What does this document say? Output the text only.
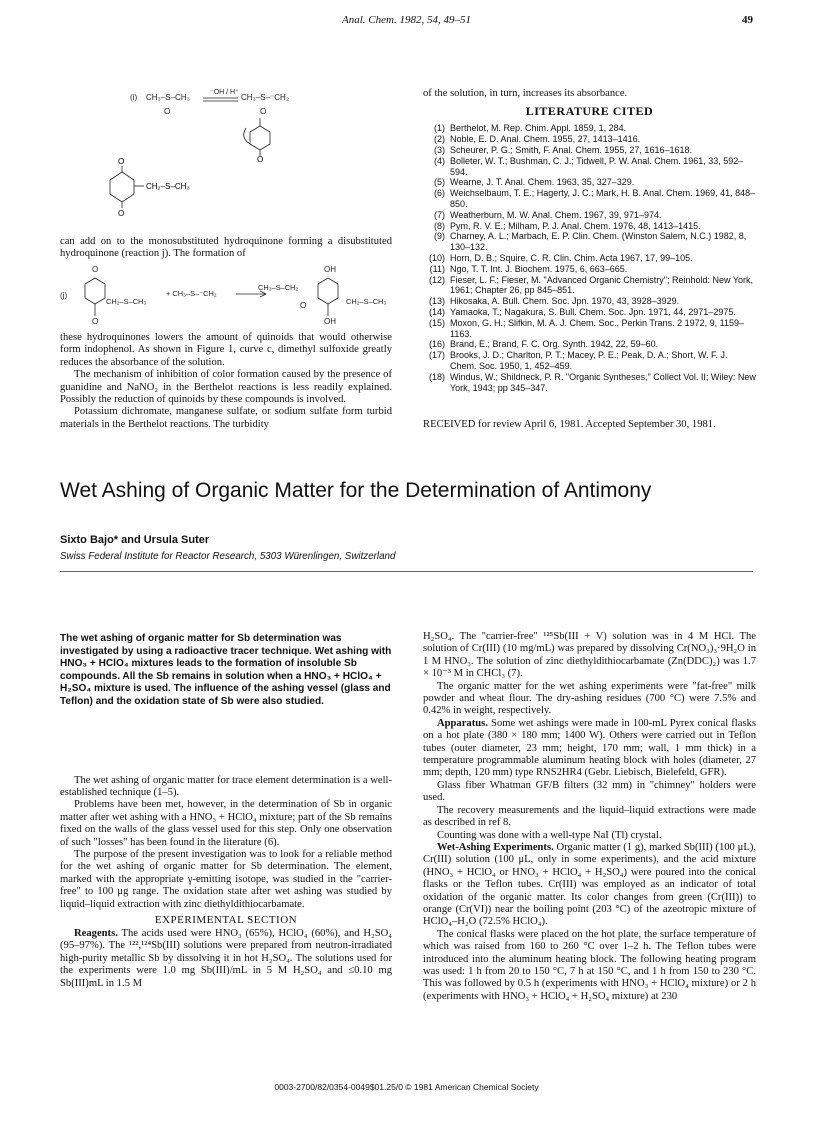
Anal. Chem. 1982, 54, 49–51	49
(i) CH₃–S–CH₃
⁻OH / H⁺
CH₃–S–⁻CH₂
O	O
O
O
O
CH₂–S–CH₃

can add on to the monosubstituted hydroquinone forming a disubstituted hydroquinone (reaction j). The formation of

(j)
O
O
CH₂–S–CH₃
+ CH₃–S–⁻CH₂
OH
CH₃–S–CH₂
CH₂–S–CH₃
OH
O

these hydroquinones lowers the amount of quinoids that would otherwise form indophenol. As shown in Figure 1, curve c, dimethyl sulfoxide greatly reduces the absorbance of the solution.

The mechanism of inhibition of color formation caused by the presence of guanidine and NaNO₂ in the Berthelot reactions is less readily explained. Possibly the reduction of quinoids by these compounds is involved.

Potassium dichromate, manganese sulfate, or sodium sulfate form turbid materials in the Berthelot reactions. The turbidity

of the solution, in turn, increases its absorbance.

LITERATURE CITED
(1) Berthelot, M. Rep. Chim. Appl. 1859, 1, 284.
(2) Noble, E. D. Anal. Chem. 1955, 27, 1413–1416.
(3) Scheurer, P. G.; Smith, F. Anal. Chem. 1955, 27, 1616–1618.
(4) Bolleter, W. T.; Bushman, C. J.; Tidwell, P. W. Anal. Chem. 1961, 33, 592–594.
(5) Wearne, J. T. Anal. Chem. 1963, 35, 327–329.
(6) Weichselbaum, T. E.; Hagerty, J. C.; Mark, H. B. Anal. Chem. 1969, 41, 848–850.
(7) Weatherburn, M. W. Anal. Chem. 1967, 39, 971–974.
(8) Pym, R. V. E.; Milham, P. J. Anal. Chem. 1976, 48, 1413–1415.
(9) Charney, A. L.; Marbach, E. P. Clin. Chem. (Winston Salem, N.C.) 1982, 8, 130–132.
(10) Horn, D. B.; Squire, C. R. Clin. Chim. Acta 1967, 17, 99–105.
(11) Ngo, T. T. Int. J. Biochem. 1975, 6, 663–665.
(12) Fieser, L. F.; Fieser, M. "Advanced Organic Chemistry"; Reinhold: New York, 1961; Chapter 26, pp 845–851.
(13) Hikosaka, A. Bull. Chem. Soc. Jpn. 1970, 43, 3928–3929.
(14) Yamaoka, T.; Nagakura, S. Bull. Chem. Soc. Jpn. 1971, 44, 2971–2975.
(15) Moxon, G. H.; Slifkin, M. A. J. Chem. Soc., Perkin Trans. 2 1972, 9, 1159–1163.
(16) Brand, E.; Brand, F. C. Org. Synth. 1942, 22, 59–60.
(17) Brooks, J. D.; Charlton, P. T.; Macey, P. E.; Peak, D. A.; Short, W. F. J. Chem. Soc. 1950, 1, 452–459.
(18) Windus, W.; Shildneck, P. R. "Organic Syntheses," Collect Vol. II; Wiley: New York, 1943; pp 345–347.

RECEIVED for review April 6, 1981. Accepted September 30, 1981.

Wet Ashing of Organic Matter for the Determination of Antimony
Sixto Bajo* and Ursula Suter
Swiss Federal Institute for Reactor Research, 5303 Würenlingen, Switzerland

The wet ashing of organic matter for Sb determination was investigated by using a radioactive tracer technique. Wet ashing with HNO₃ + HClO₄ mixtures leads to the formation of insoluble Sb compounds. All the Sb remains in solution when a HNO₃ + HClO₄ + H₂SO₄ mixture is used. The influence of the ashing vessel (glass and Teflon) and the oxidation state of Sb were also studied.

The wet ashing of organic matter for trace element determination is a well-established technique (1–5).

Problems have been met, however, in the determination of Sb in organic matter after wet ashing with a HNO₃ + HClO₄ mixture; part of the Sb remains fixed on the walls of the glass vessel used for this step. Only one observation of such "losses" has been found in the literature (6).

The purpose of the present investigation was to look for a reliable method for the wet ashing of organic matter for Sb determination. The element, marked with the appropriate γ-emitting isotope, was studied in the "carrier-free" to 100 μg range. The oxidation state after wet ashing was studied by liquid–liquid extraction with zinc diethyldithiocarbamate.

EXPERIMENTAL SECTION

Reagents. The acids used were HNO₃ (65%), HClO₄ (60%), and H₂SO₄ (95–97%). The ¹²²,¹²⁴Sb(III) solutions were prepared from neutron-irradiated high-purity metallic Sb by dissolving it in hot H₂SO₄. The solutions used for the experiments were 1.0 mg Sb(III)/mL in 5 M H₂SO₄ and ≤0.10 mg Sb(III)mL in 1.5 M

H₂SO₄. The "carrier-free" ¹²⁵Sb(III + V) solution was in 4 M HCl. The solution of Cr(III) (10 mg/mL) was prepared by dissolving Cr(NO₃)₃·9H₂O in 1 M HNO₃. The solution of zinc diethyldithiocarbamate (Zn(DDC)₂) was 1.7 × 10⁻³ M in CHCl₃ (7).

The organic matter for the wet ashing experiments were "fat-free" milk powder and wheat flour. The dry-ashing residues (700 °C) were 7.5% and 0.42% in weight, respectively.

Apparatus. Some wet ashings were made in 100-mL Pyrex conical flasks on a hot plate (380 × 180 mm; 1400 W). Others were carried out in Teflon tubes (outer diameter, 23 mm; height, 170 mm; wall, 1 mm thick) in a temperature programmable aluminum heating block with holes (diameter, 27 mm; depth, 120 mm) type RNS2HR4 (Gebr. Liebisch, Bielefeld, GFR).

Glass fiber Whatman GF/B filters (32 mm) in "chimney" holders were used.

The recovery measurements and the liquid–liquid extractions were made as described in ref 8.

Counting was done with a well-type NaI (Tl) crystal.

Wet-Ashing Experiments. Organic matter (1 g), marked Sb(III) (100 μL), Cr(III) solution (100 μL, only in some experiments), and the acid mixture (HNO₃ + HClO₄ or HNO₃ + HClO₄ + H₂SO₄) were poured into the conical flasks or the Teflon tubes. Cr(III) was employed as an indicator of total oxidation of the organic matter. Its color changes from green (Cr(III)) to orange (Cr(VI)) near the boiling point (203 °C) of the azeotropic mixture of HClO₄–H₂O (72.5% HClO₄).

The conical flasks were placed on the hot plate, the surface temperature of which was raised from 160 to 260 °C over 1–2 h. The Teflon tubes were introduced into the aluminum heating block. The following heating program was used: 1 h from 20 to 150 °C, 7 h at 150 °C, and 1 h from 150 to 230 °C. This was followed by 0.5 h (experiments with HNO₃ + HClO₄ mixture) or 2 h (experiments with HNO₃ + HClO₄ + H₂SO₄ mixture) at 230

0003-2700/82/0354-0049$01.25/0 © 1981 American Chemical Society
